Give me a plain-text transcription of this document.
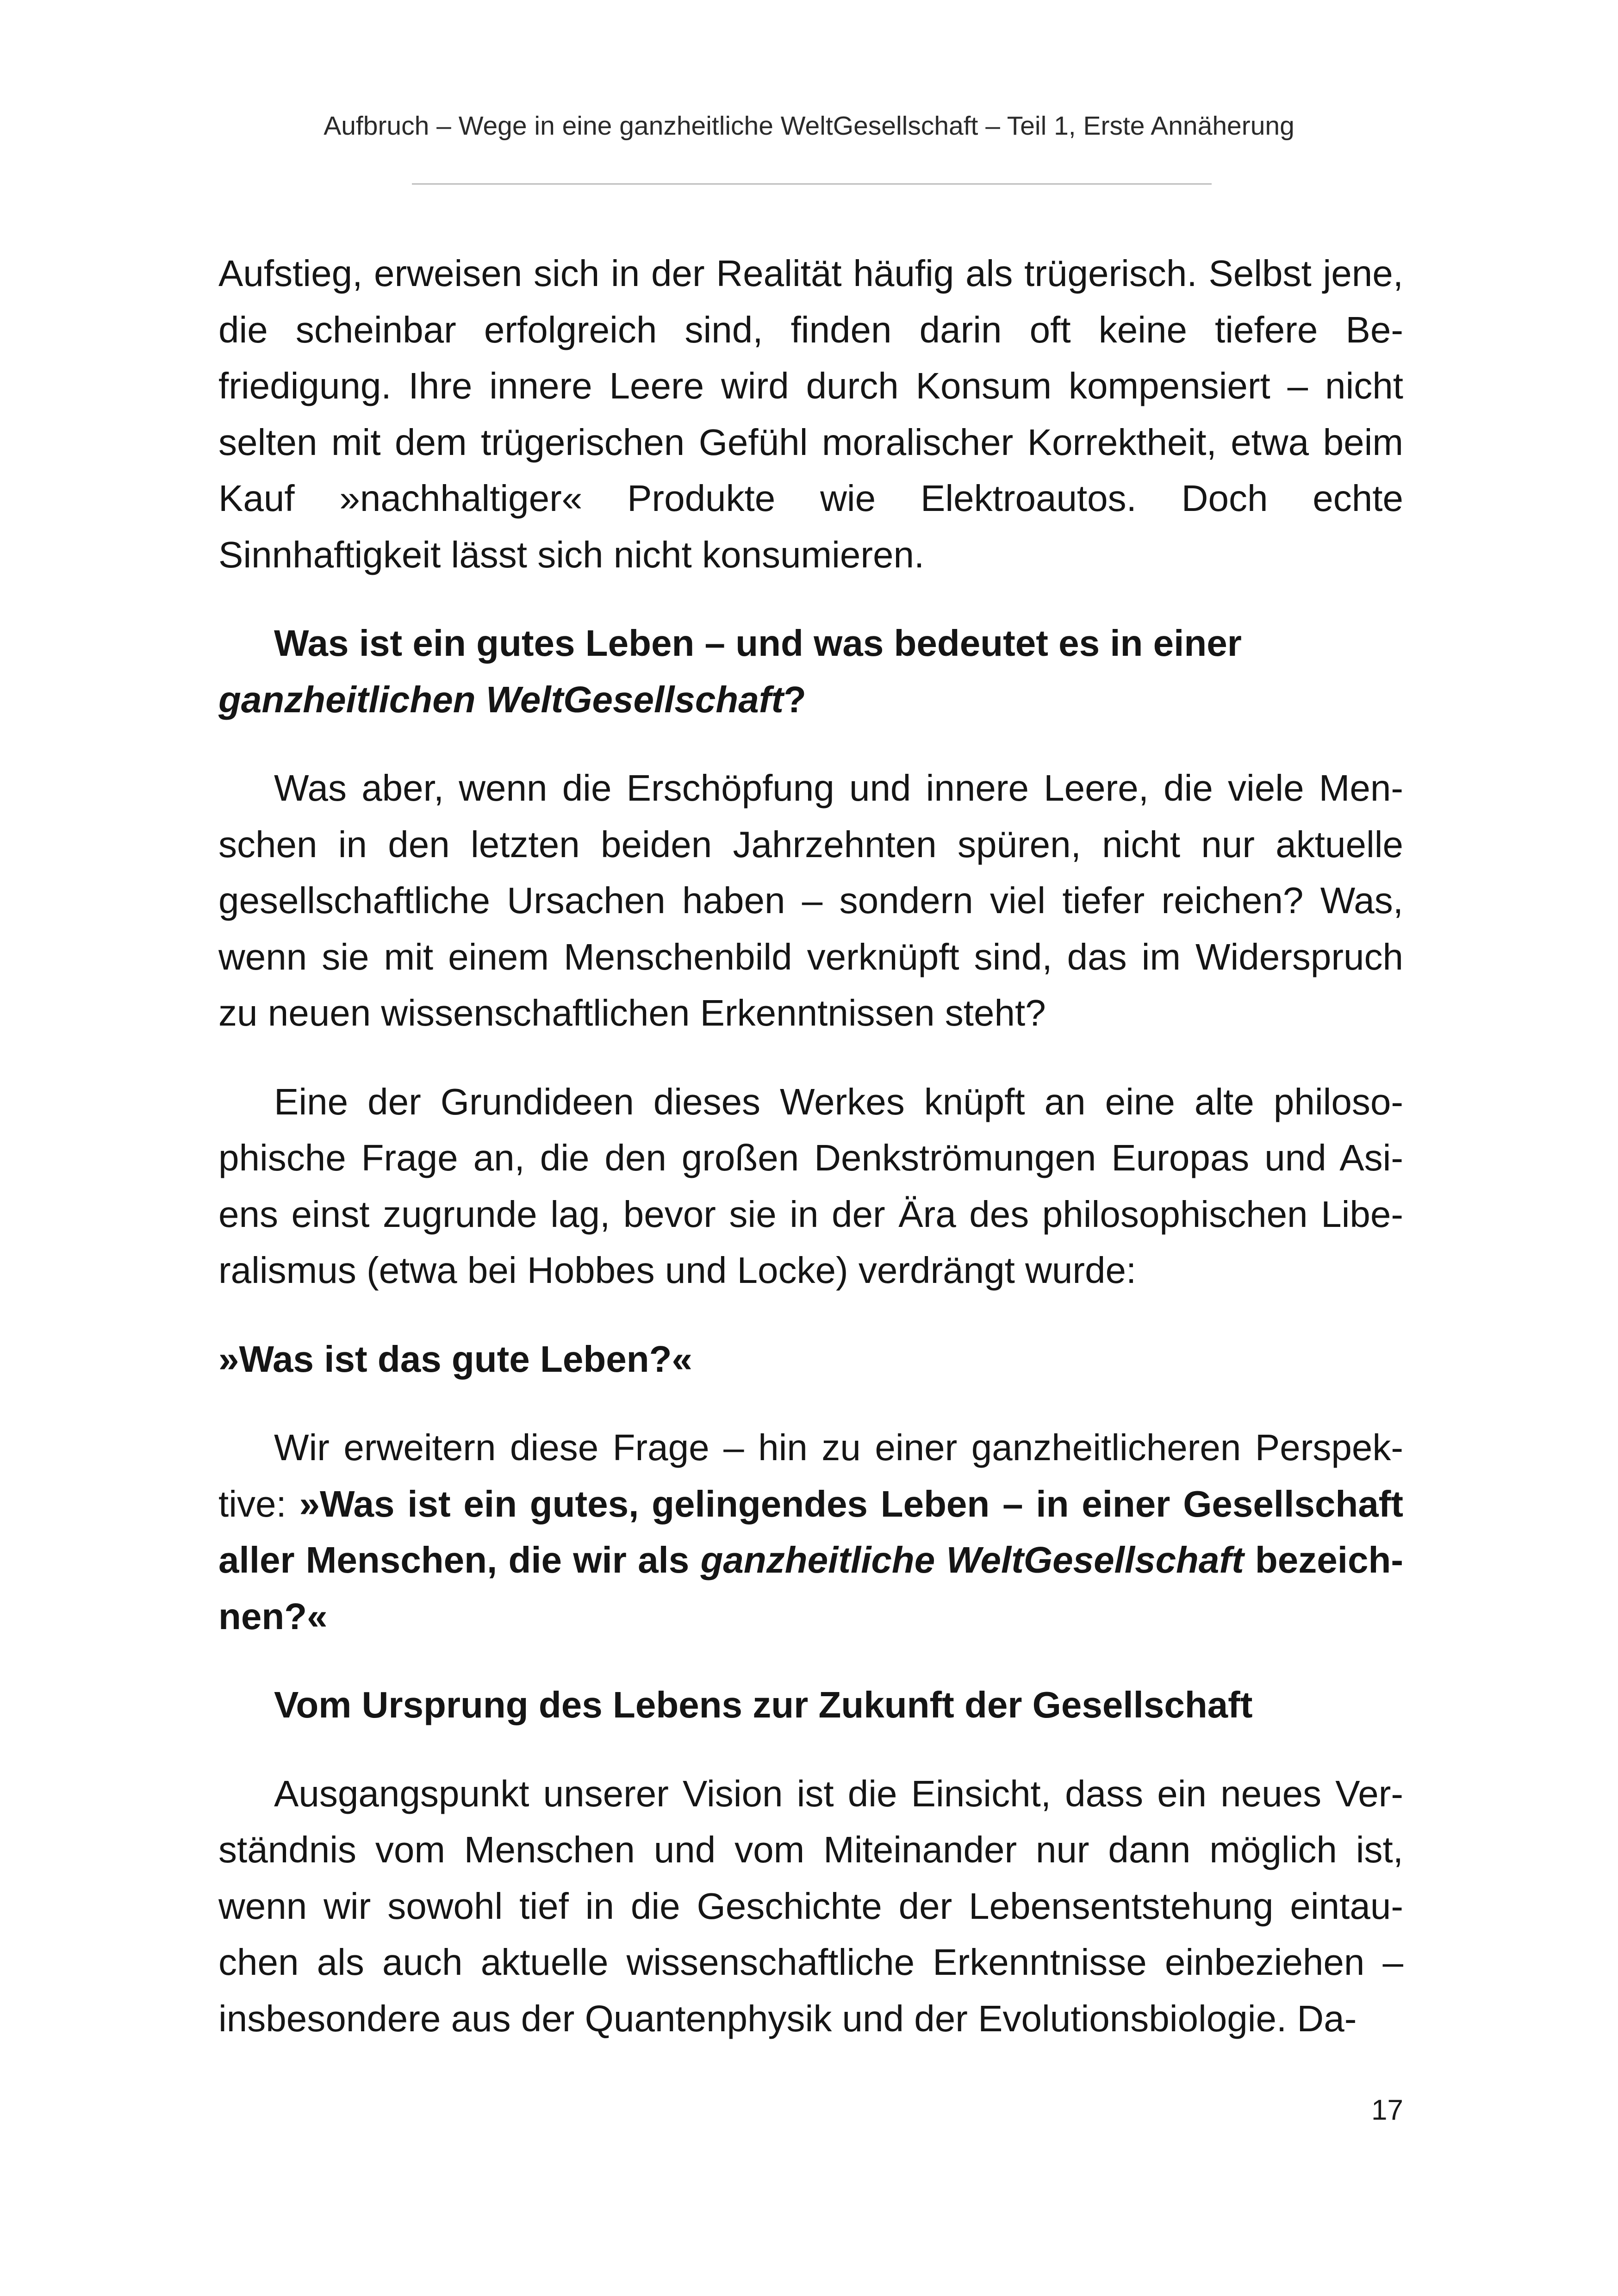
Aufbruch – Wege in eine ganzheitliche WeltGesellschaft – Teil 1, Erste Annäherung

Aufstieg, erweisen sich in der Realität häufig als trügerisch. Selbst jene, die scheinbar erfolgreich sind, finden darin oft keine tiefere Befriedigung. Ihre innere Leere wird durch Konsum kompensiert – nicht selten mit dem trügerischen Gefühl moralischer Korrektheit, etwa beim Kauf »nachhaltiger« Produkte wie Elektroautos. Doch echte Sinnhaftigkeit lässt sich nicht konsumieren.

Was ist ein gutes Leben – und was bedeutet es in einer ganzheitlichen WeltGesellschaft?

Was aber, wenn die Erschöpfung und innere Leere, die viele Menschen in den letzten beiden Jahrzehnten spüren, nicht nur aktuelle gesellschaftliche Ursachen haben – sondern viel tiefer reichen? Was, wenn sie mit einem Menschenbild verknüpft sind, das im Widerspruch zu neuen wissenschaftlichen Erkenntnissen steht?

Eine der Grundideen dieses Werkes knüpft an eine alte philosophische Frage an, die den großen Denkströmungen Europas und Asiens einst zugrunde lag, bevor sie in der Ära des philosophischen Liberalismus (etwa bei Hobbes und Locke) verdrängt wurde:

»Was ist das gute Leben?«

Wir erweitern diese Frage – hin zu einer ganzheitlicheren Perspektive: »Was ist ein gutes, gelingendes Leben – in einer Gesellschaft aller Menschen, die wir als ganzheitliche WeltGesellschaft bezeichnen?«

Vom Ursprung des Lebens zur Zukunft der Gesellschaft

Ausgangspunkt unserer Vision ist die Einsicht, dass ein neues Verständnis vom Menschen und vom Miteinander nur dann möglich ist, wenn wir sowohl tief in die Geschichte der Lebensentstehung eintauchen als auch aktuelle wissenschaftliche Erkenntnisse einbeziehen – insbesondere aus der Quantenphysik und der Evolutionsbiologie. Da-

17
